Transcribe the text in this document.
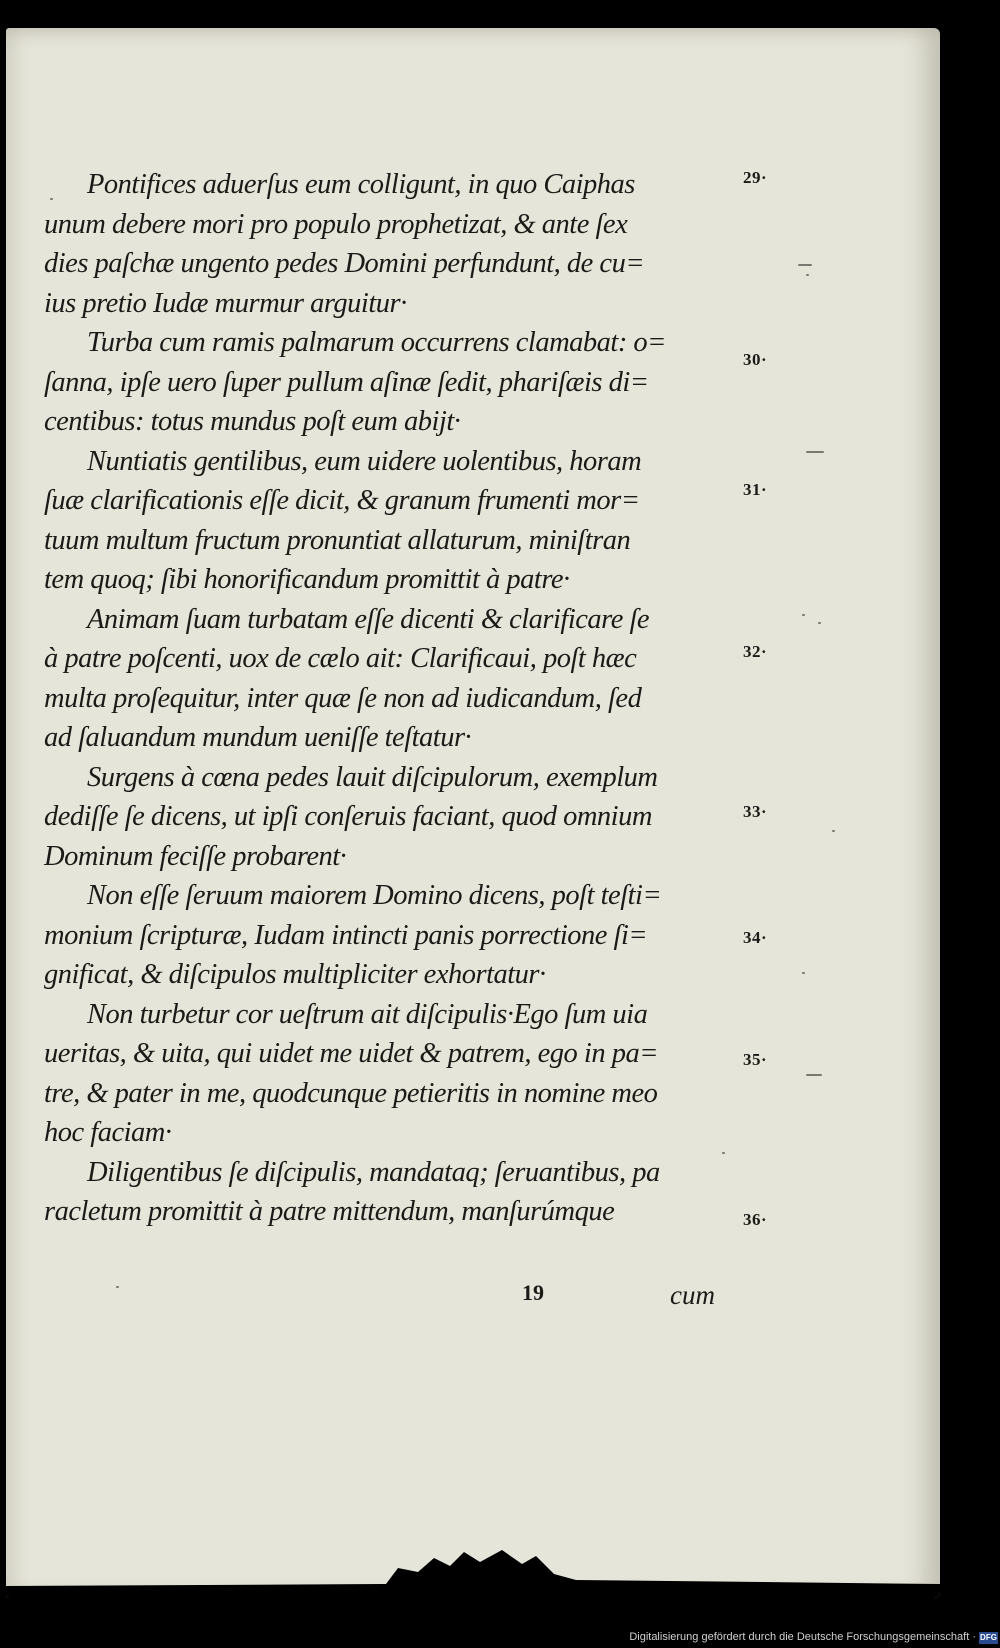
Pontifices aduerſus eum colligunt, in quo Caiphas
unum debere mori pro populo prophetizat, & ante ſex
dies paſchæ ungento pedes Domini perfundunt, de cu=
ius pretio Iudæ murmur arguitur·

Turba cum ramis palmarum occurrens clamabat: o=
ſanna, ipſe uero ſuper pullum aſinæ ſedit, phariſæis di=
centibus: totus mundus poſt eum abijt·

Nuntiatis gentilibus, eum uidere uolentibus, horam
ſuæ clarificationis eſſe dicit, & granum frumenti mor=
tuum multum fructum pronuntiat allaturum, miniſtran
tem quoq; ſibi honorificandum promittit à patre·

Animam ſuam turbatam eſſe dicenti & clarificare ſe
à patre poſcenti, uox de cælo ait: Clarificaui, poſt hæc
multa proſequitur, inter quæ ſe non ad iudicandum, ſed
ad ſaluandum mundum ueniſſe teſtatur·

Surgens à cœna pedes lauit diſcipulorum, exemplum
dediſſe ſe dicens, ut ipſi conſeruis faciant, quod omnium
Dominum feciſſe probarent·

Non eſſe ſeruum maiorem Domino dicens, poſt teſti=
monium ſcripturæ, Iudam intincti panis porrectione ſi=
gnificat, & diſcipulos multipliciter exhortatur·

Non turbetur cor ueſtrum ait diſcipulis·Ego ſum uia
ueritas, & uita, qui uidet me uidet & patrem, ego in pa=
tre, & pater in me, quodcunque petieritis in nomine meo
hoc faciam·

Diligentibus ſe diſcipulis, mandataq; ſeruantibus, pa
racletum promittit à patre mittendum, manſurúmque

29·
30·
31·
32·
33·
34·
35·
36·
19	cum
Digitalisierung gefördert durch die Deutsche Forschungsgemeinschaft · DFG
